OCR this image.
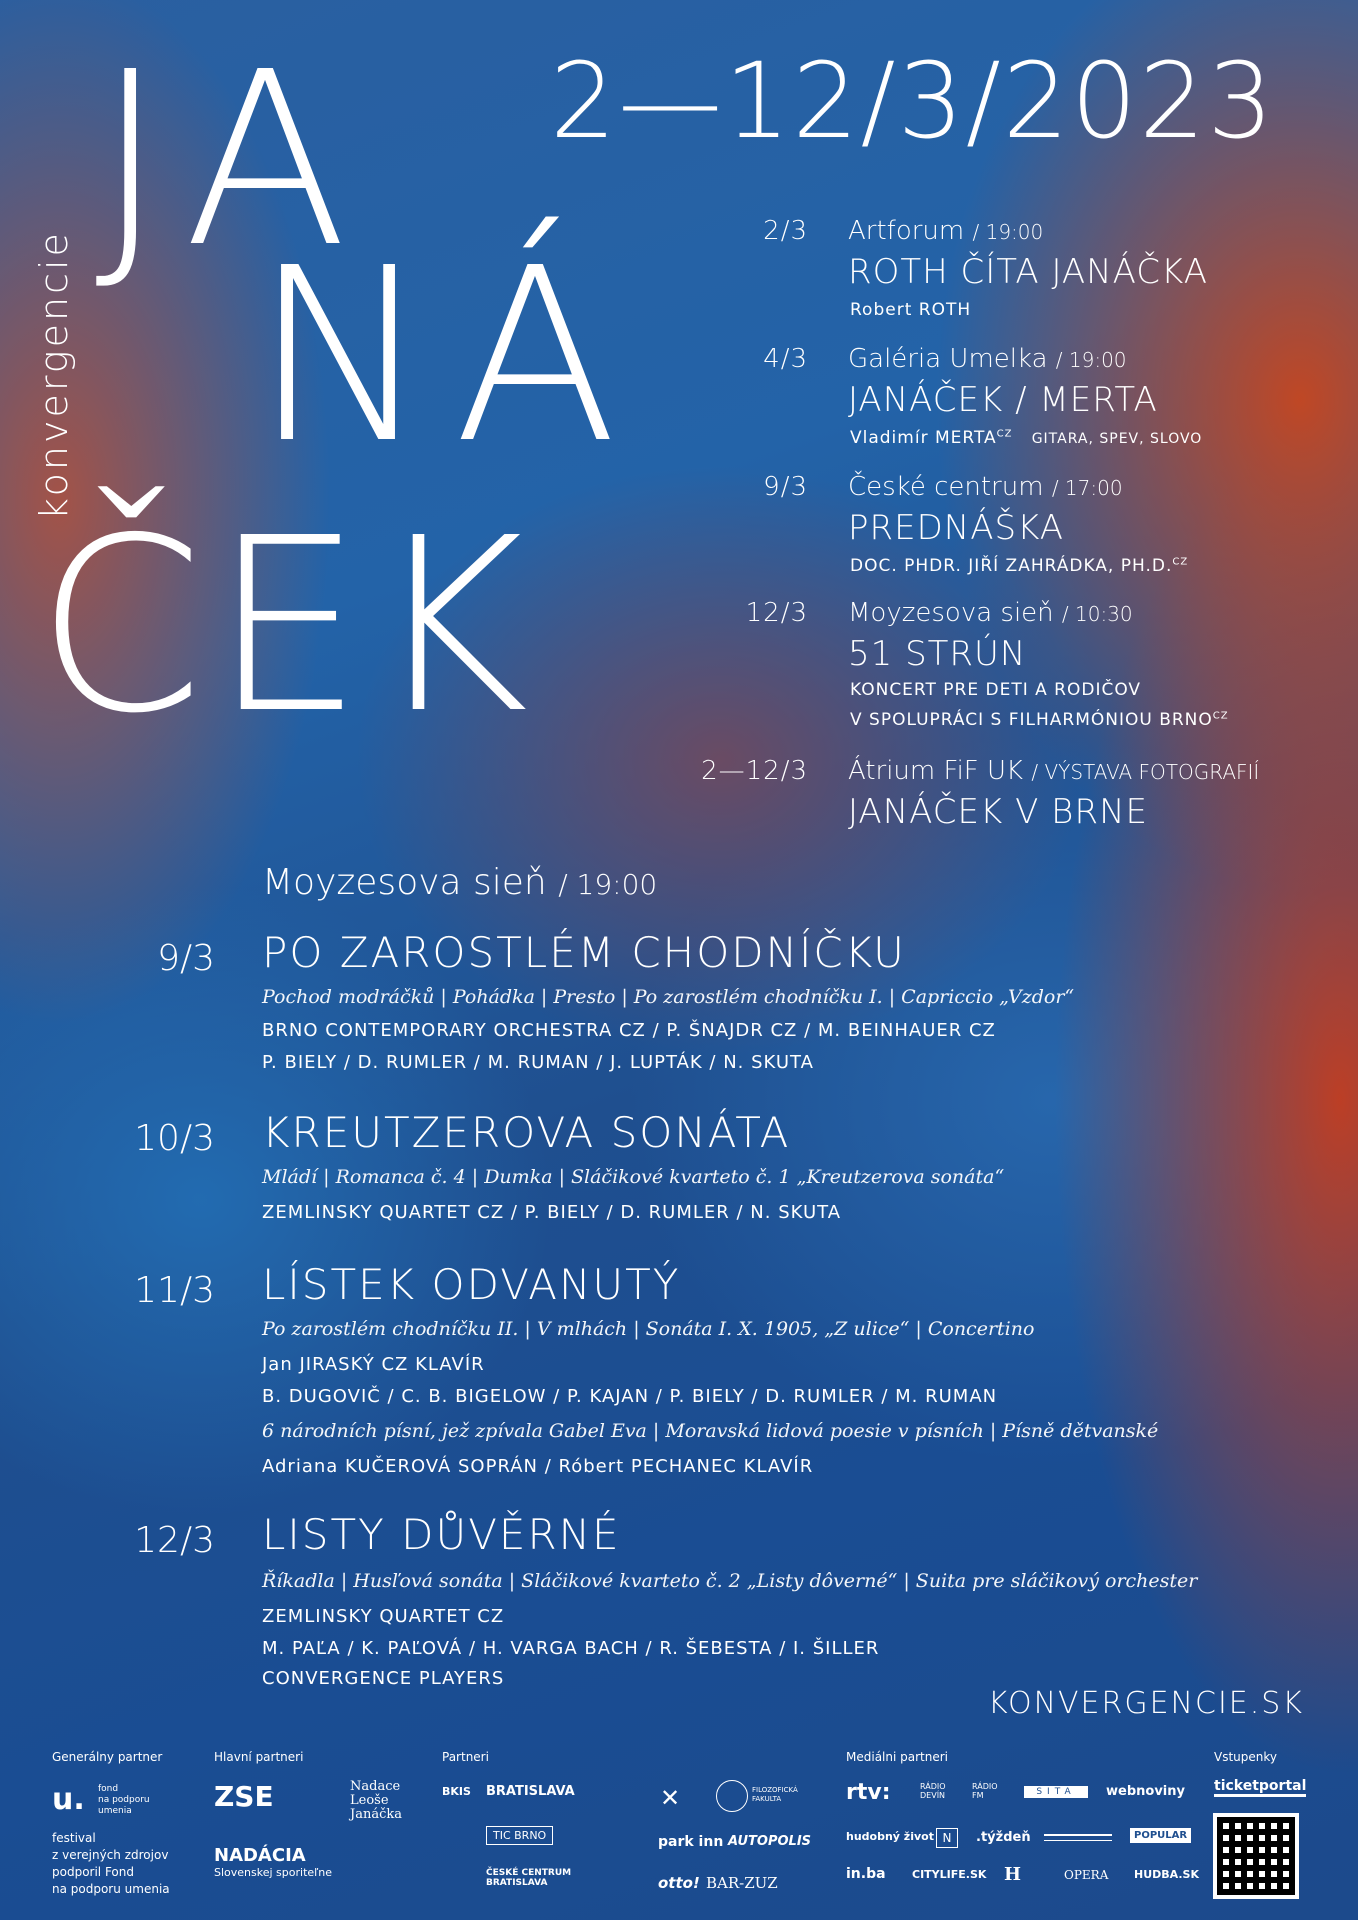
konvergencie
JA
NÁ
ČEK
2—12/3/2023
2/3 Artforum / 19:00
ROTH ČÍTA JANÁČKA
Robert ROTH
4/3 Galéria Umelka / 19:00
JANÁČEK / MERTA
Vladimír $MERTA^{CZ}$ GITARA, SPEV, SLOVO
9/3 České centrum / 17:00
PREDNÁŠKA
DOC. PHDR. JIŘÍ ZAHRÁDKA, PH.D.$^{CZ}$
12/3 Moyzesova sieň / 10:30
51 STRÚN
KONCERT PRE DETI A RODIČOV
V SPOLUPRÁCI S FILHARMÓNIOU $BRNO^{CZ}$
2—12/3 Átrium FiF UK / VÝSTAVA FOTOGRAFIÍ
JANÁČEK V BRNE
Moyzesova sieň / 19:00
9/3 PO ZAROSTLÉM CHODNÍČKU
Pochod modráčků | Pohádka | Presto | Po zarostlém chodníčku I. | Capriccio „Vzdor“
BRNO CONTEMPORARY ORCHESTRA CZ / P. ŠNAJDR CZ / M. BEINHAUER CZ
P. BIELY / D. RUMLER / M. RUMAN / J. LUPTÁK / N. SKUTA
10/3 KREUTZEROVA SONÁTA
Mládí | Romanca č. 4 | Dumka | Sláčikové kvarteto č. 1 „Kreutzerova sonáta“
ZEMLINSKY QUARTET CZ / P. BIELY / D. RUMLER / N. SKUTA
11/3 LÍSTEK ODVANUTÝ
Po zarostlém chodníčku II. | V mlhách | Sonáta I. X. 1905, „Z ulice“ | Concertino
Jan JIRASKÝ CZ KLAVÍR
B. DUGOVIČ / C. B. BIGELOW / P. KAJAN / P. BIELY / D. RUMLER / M. RUMAN
6 národních písní, jež zpívala Gabel Eva | Moravská lidová poesie v písních | Písně dětvanské
Adriana KUČEROVÁ SOPRÁN / Róbert PECHANEC KLAVÍR
12/3 LISTY DŮVĚRNÉ
Říkadla | Husľová sonáta | Sláčikové kvarteto č. 2 „Listy dôverné“ | Suita pre sláčikový orchester
ZEMLINSKY QUARTET CZ
M. PAĽA / K. PAĽOVÁ / H. VARGA BACH / R. ŠEBESTA / I. ŠILLER
CONVERGENCE PLAYERS
KONVERGENCIE.SK
Generálny partner
u. fond
na podporu
umenia
festival
z verejných zdrojov
podporil Fond
na podporu umenia
Hlavní partneri
ZSE	Nadace Leoše Janáčka
NADÁCIA
Slovenskej sporiteľne
Partneri
BKIS BRATISLAVA
TIC BRNO
ČESKÉ CENTRUM BRATISLAVA
✕	FILOZOFICKÁ FAKULTA
park inn AUTOPOLIS
otto! BAR-ZUZ
Mediálni partneri
rtv:	RÁDIO DEVÍN
RÁDIO FM	SITA	webnoviny
hudobný život N	.týždeň	POPULAR
in.ba CITYLIFE.SK H	OPERA HUDBA.SK
Vstupenky
ticketportal
